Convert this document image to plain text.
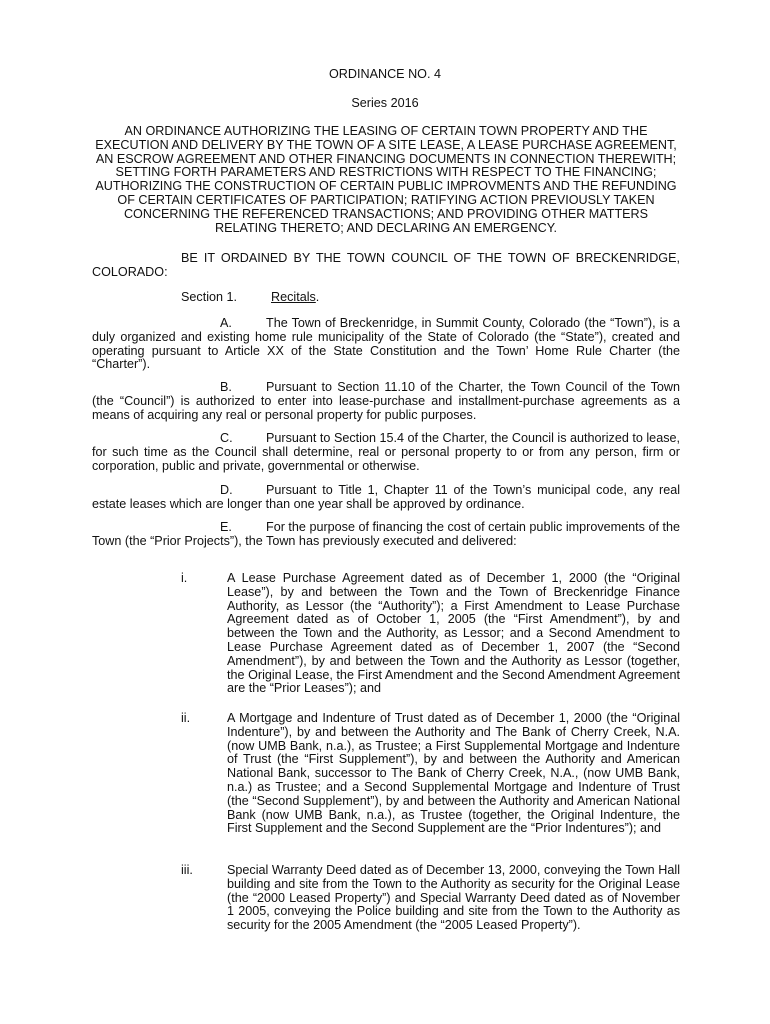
ORDINANCE NO. 4
Series 2016
AN ORDINANCE AUTHORIZING THE LEASING OF CERTAIN TOWN PROPERTY AND THE EXECUTION AND DELIVERY BY THE TOWN OF A SITE LEASE, A LEASE PURCHASE AGREEMENT, AN ESCROW AGREEMENT AND OTHER FINANCING DOCUMENTS IN CONNECTION THEREWITH; SETTING FORTH PARAMETERS AND RESTRICTIONS WITH RESPECT TO THE FINANCING; AUTHORIZING THE CONSTRUCTION OF CERTAIN PUBLIC IMPROVMENTS AND THE REFUNDING OF CERTAIN CERTIFICATES OF PARTICIPATION; RATIFYING ACTION PREVIOUSLY TAKEN CONCERNING THE REFERENCED TRANSACTIONS; AND PROVIDING OTHER MATTERS RELATING THERETO; AND DECLARING AN EMERGENCY.
BE IT ORDAINED BY THE TOWN COUNCIL OF THE TOWN OF BRECKENRIDGE, COLORADO:
Section 1.	Recitals.
A.	The Town of Breckenridge, in Summit County, Colorado (the “Town”), is a duly organized and existing home rule municipality of the State of Colorado (the “State”), created and operating pursuant to Article XX of the State Constitution and the Town’ Home Rule Charter (the “Charter”).
B.	Pursuant to Section 11.10 of the Charter, the Town Council of the Town (the “Council”) is authorized to enter into lease-purchase and installment-purchase agreements as a means of acquiring any real or personal property for public purposes.
C.	Pursuant to Section 15.4 of the Charter, the Council is authorized to lease, for such time as the Council shall determine, real or personal property to or from any person, firm or corporation, public and private, governmental or otherwise.
D.	Pursuant to Title 1, Chapter 11 of the Town’s municipal code, any real estate leases which are longer than one year shall be approved by ordinance.
E.	For the purpose of financing the cost of certain public improvements of the Town (the “Prior Projects”), the Town has previously executed and delivered:
i.	A Lease Purchase Agreement dated as of December 1, 2000 (the “Original Lease”), by and between the Town and the Town of Breckenridge Finance Authority, as Lessor (the “Authority”); a First Amendment to Lease Purchase Agreement dated as of October 1, 2005 (the “First Amendment”), by and between the Town and the Authority, as Lessor; and a Second Amendment to Lease Purchase Agreement dated as of December 1, 2007 (the “Second Amendment”), by and between the Town and the Authority as Lessor (together, the Original Lease, the First Amendment and the Second Amendment Agreement are the “Prior Leases”); and
ii.	A Mortgage and Indenture of Trust dated as of December 1, 2000 (the “Original Indenture”), by and between the Authority and The Bank of Cherry Creek, N.A. (now UMB Bank, n.a.), as Trustee; a First Supplemental Mortgage and Indenture of Trust (the “First Supplement”), by and between the Authority and American National Bank, successor to The Bank of Cherry Creek, N.A., (now UMB Bank, n.a.) as Trustee; and a Second Supplemental Mortgage and Indenture of Trust (the “Second Supplement”), by and between the Authority and American National Bank (now UMB Bank, n.a.), as Trustee (together, the Original Indenture, the First Supplement and the Second Supplement are the “Prior Indentures”); and
iii.	Special Warranty Deed dated as of December 13, 2000, conveying the Town Hall building and site from the Town to the Authority as security for the Original Lease (the “2000 Leased Property”) and Special Warranty Deed dated as of November 1 2005, conveying the Police building and site from the Town to the Authority as security for the 2005 Amendment (the “2005 Leased Property”).
